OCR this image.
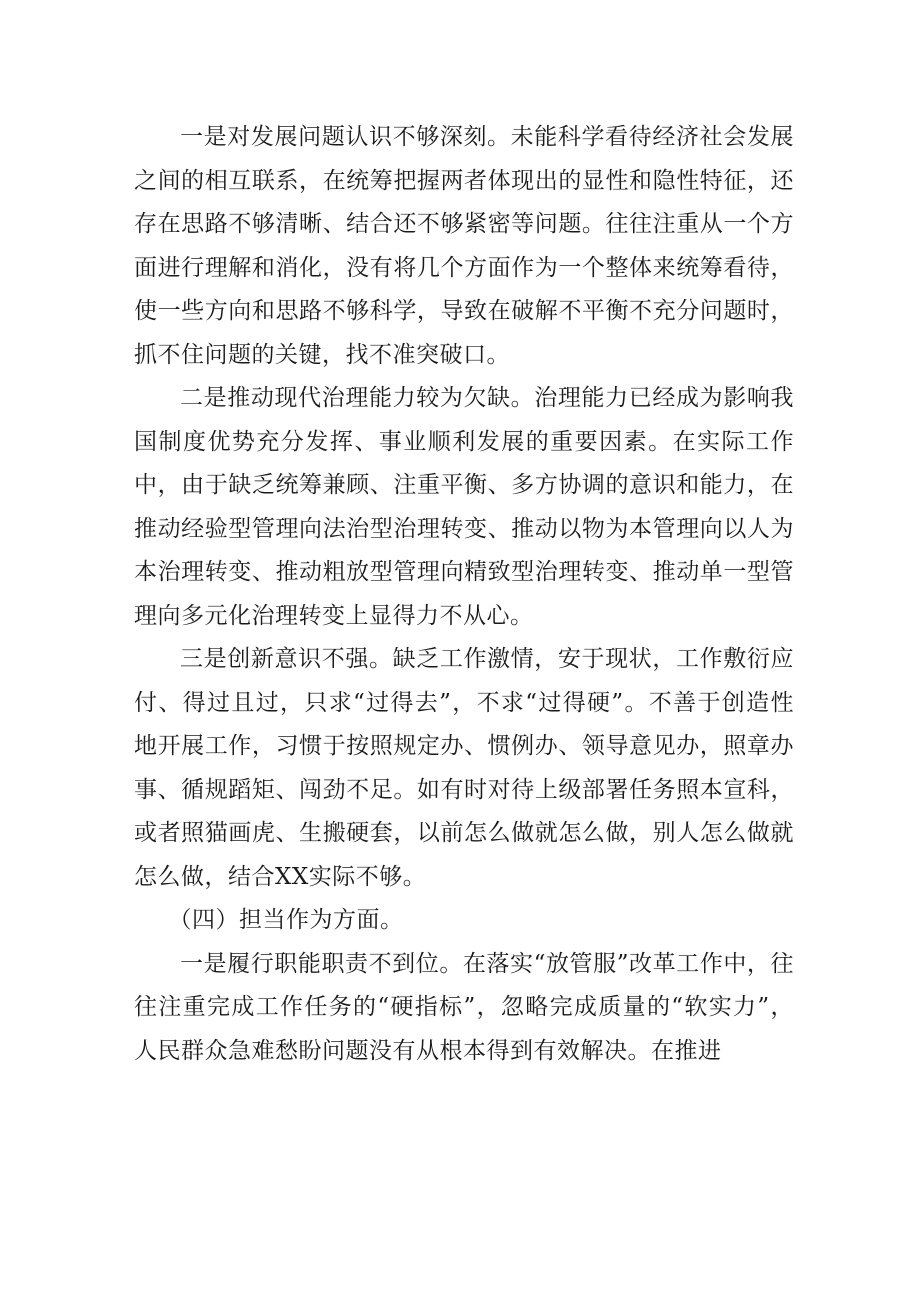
一是对发展问题认识不够深刻。未能科学看待经济社会发展之间的相互联系，在统筹把握两者体现出的显性和隐性特征，还存在思路不够清晰、结合还不够紧密等问题。往往注重从一个方面进行理解和消化，没有将几个方面作为一个整体来统筹看待，使一些方向和思路不够科学，导致在破解不平衡不充分问题时，抓不住问题的关键，找不准突破口。

二是推动现代治理能力较为欠缺。治理能力已经成为影响我国制度优势充分发挥、事业顺利发展的重要因素。在实际工作中，由于缺乏统筹兼顾、注重平衡、多方协调的意识和能力，在推动经验型管理向法治型治理转变、推动以物为本管理向以人为本治理转变、推动粗放型管理向精致型治理转变、推动单一型管理向多元化治理转变上显得力不从心。

三是创新意识不强。缺乏工作激情，安于现状，工作敷衍应付、得过且过，只求“过得去”，不求“过得硬”。不善于创造性地开展工作，习惯于按照规定办、惯例办、领导意见办，照章办事、循规蹈矩、闯劲不足。如有时对待上级部署任务照本宣科，或者照猫画虎、生搬硬套，以前怎么做就怎么做，别人怎么做就怎么做，结合XX实际不够。

（四）担当作为方面。

一是履行职能职责不到位。在落实“放管服”改革工作中，往往注重完成工作任务的“硬指标”，忽略完成质量的“软实力”，人民群众急难愁盼问题没有从根本得到有效解决。在推进
